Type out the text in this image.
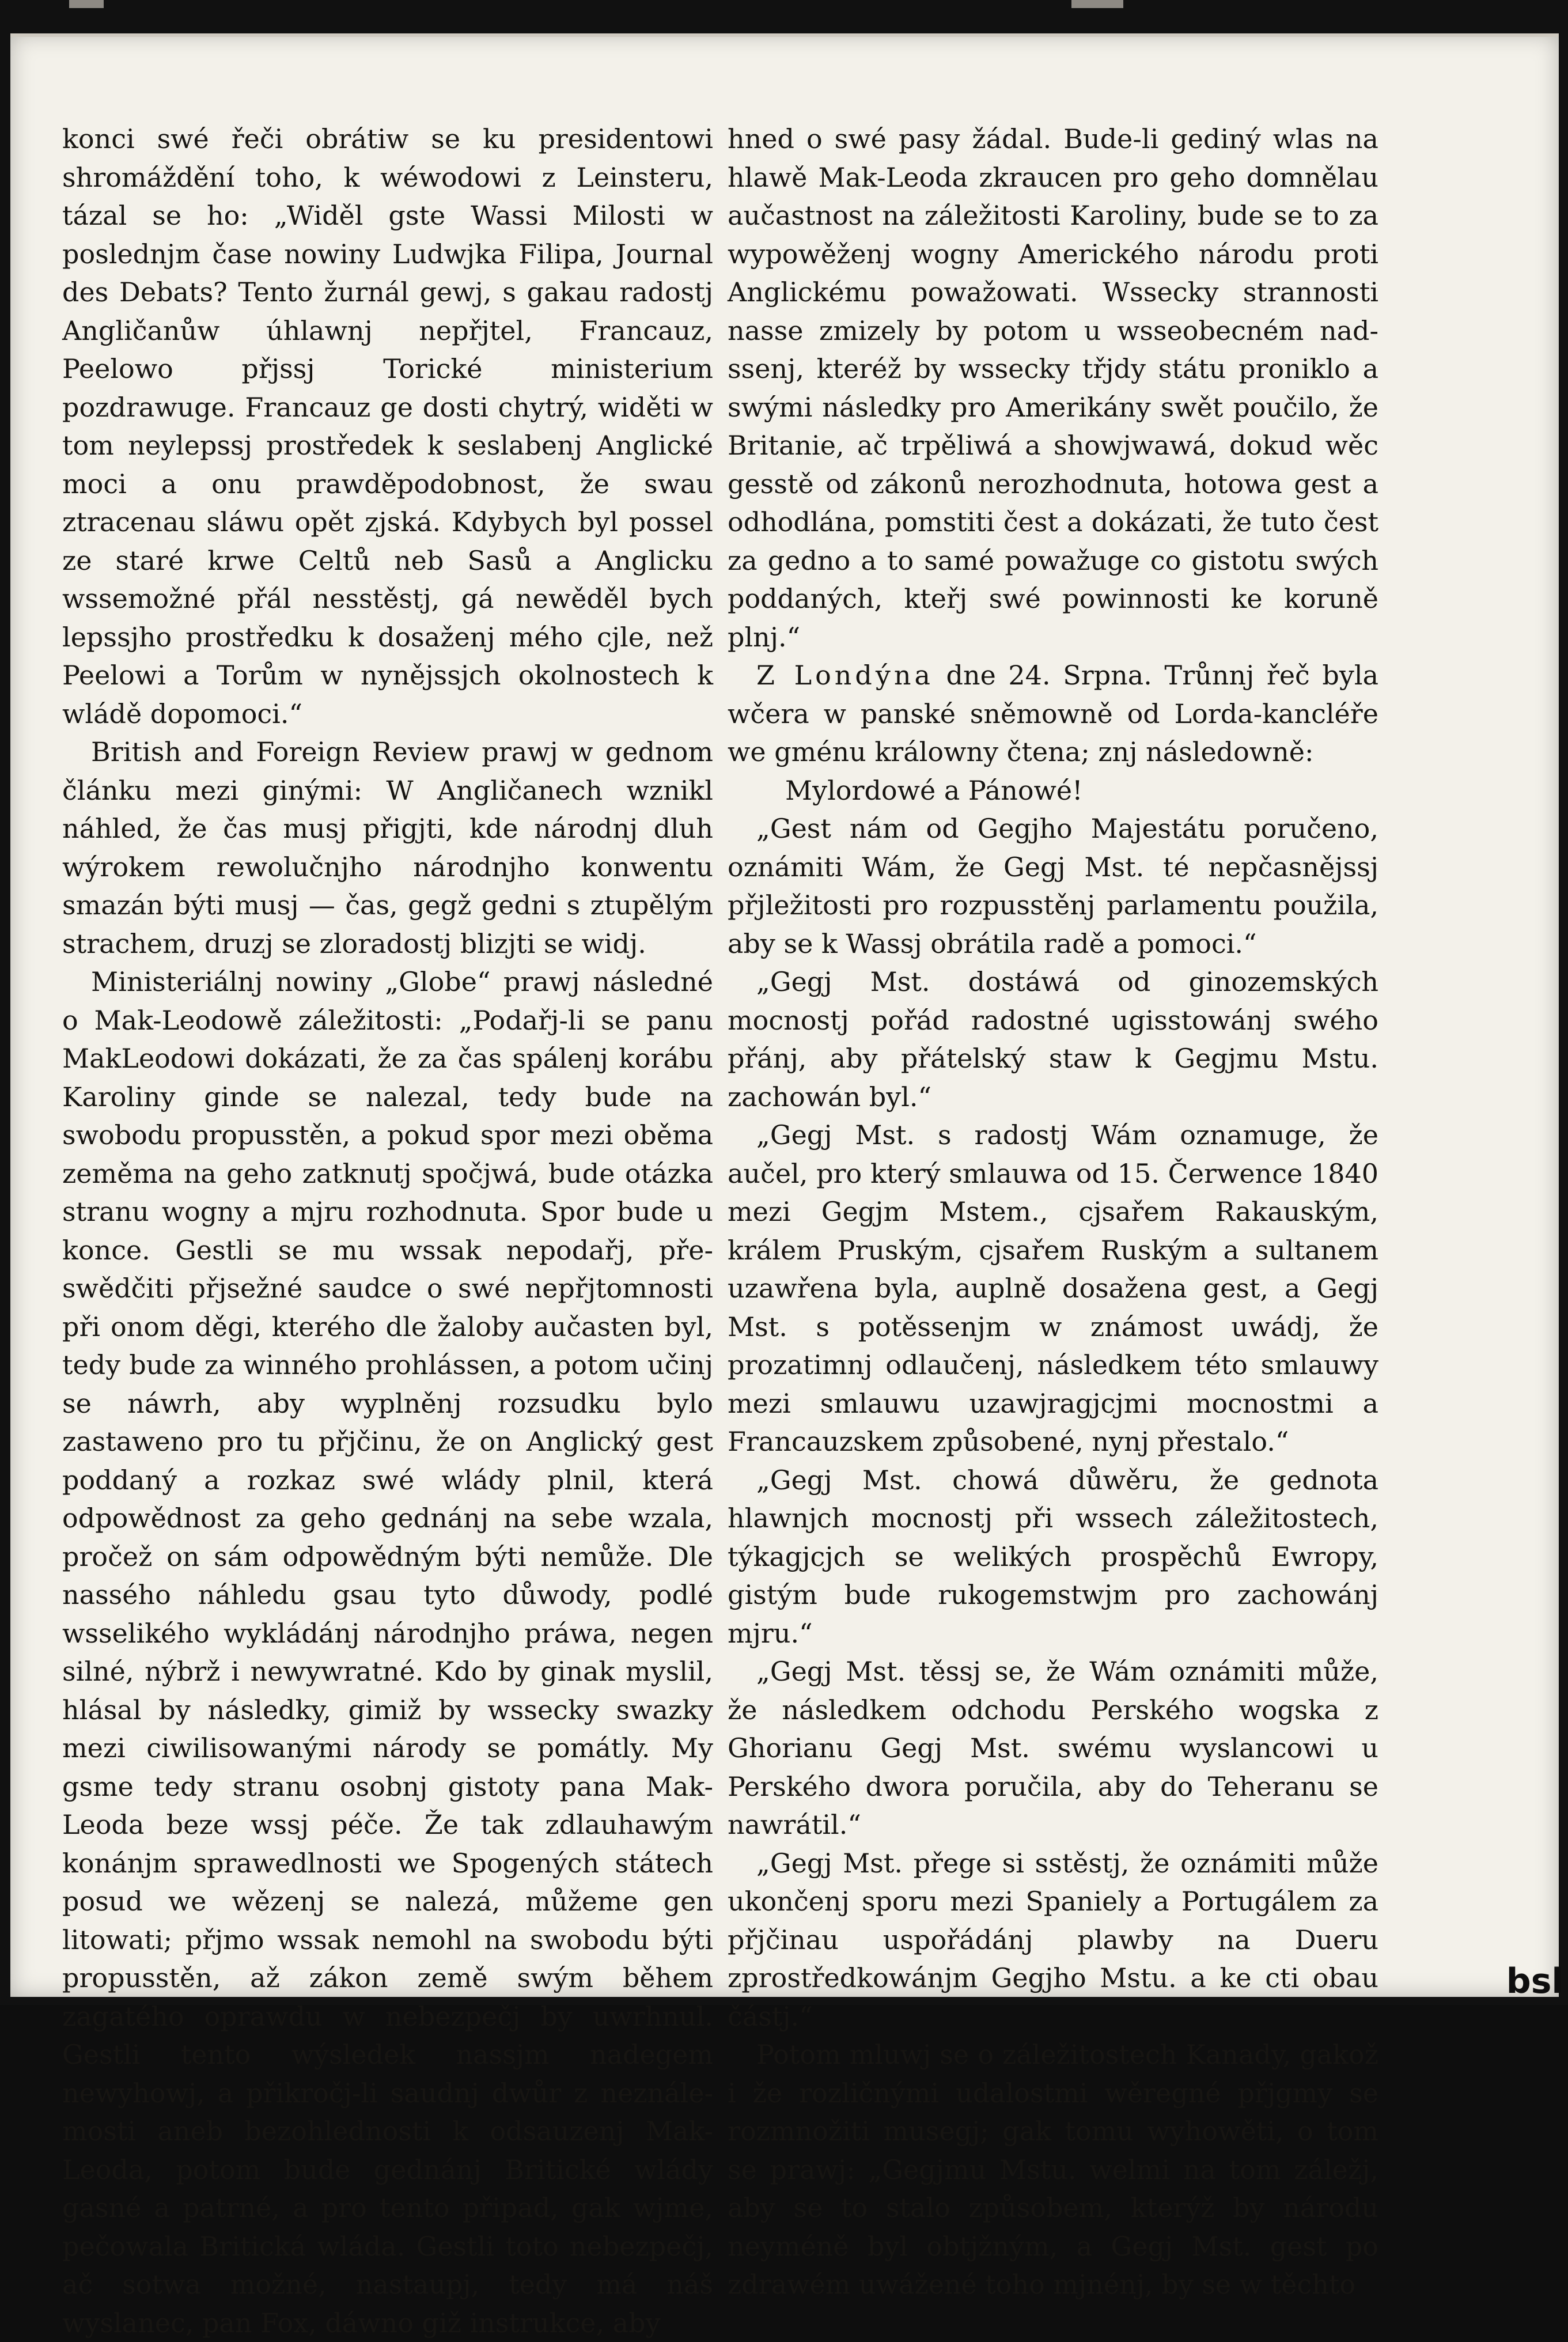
konci swé řeči obrátiw se ku presidentowi shromáždění toho, k wéwodowi z Leinsteru, tázal se ho: „Widěl gste Wassi Milosti w poslednjm čase nowiny Ludwjka Filipa, Journal des Debats? Tento žurnál gewj, s gakau radostj Angličanůw úhlawnj nepřjtel, Francauz, Peelowo přjssj Torické ministerium pozdrawuge. Francauz ge dosti chytrý, widěti w tom neylepssj prostředek k seslabenj Anglické moci a onu prawděpodobnost, že swau ztracenau sláwu opět zjská. Kdybych byl possel ze staré krwe Celtů neb Sasů a Anglicku wssemožné přál nesstěstj, gá newěděl bych lepssjho prostředku k dosaženj mého cjle, než Peelowi a Torům w nynějssjch okolnostech k wládě dopomoci.“

British and Foreign Review prawj w gednom článku mezi ginými: W Angličanech wznikl náhled, že čas musj přigjti, kde národnj dluh wýrokem rewolučnjho národnjho konwentu smazán býti musj — čas, gegž gedni s ztupělým strachem, druzj se zloradostj blizjti se widj.

Ministeriálnj nowiny „Globe“ prawj následné o Mak-Leodowě záležitosti: „Podařj-li se panu MakLeodowi dokázati, že za čas spálenj korábu Karoliny ginde se nalezal, tedy bude na swobodu propusstěn, a pokud spor mezi oběma zeměma na geho zatknutj spočjwá, bude otázka stranu wogny a mjru rozhodnuta. Spor bude u konce. Gestli se mu wssak nepodařj, přeswědčiti přjsežné saudce o swé nepřjtomnosti při onom děgi, kterého dle žaloby aučasten byl, tedy bude za winného prohlássen, a potom učinj se náwrh, aby wyplněnj rozsudku bylo zastaweno pro tu přjčinu, že on Anglický gest poddaný a rozkaz swé wlády plnil, která odpowědnost za geho gednánj na sebe wzala, pročež on sám odpowědným býti nemůže. Dle nassého náhledu gsau tyto důwody, podlé wsselikého wykládánj národnjho práwa, negen silné, nýbrž i newywratné. Kdo by ginak myslil, hlásal by následky, gimiž by wssecky swazky mezi ciwilisowanými národy se pomátly. My gsme tedy stranu osobnj gistoty pana Mak-Leoda beze wssj péče. Že tak zdlauhawým konánjm sprawedlnosti we Spogených státech posud we wězenj se nalezá, můžeme gen litowati; přjmo wssak nemohl na swobodu býti propusstěn, až zákon země swým během zagatého oprawdu w nebezpečj by uwrhnul. Gestli tento wýsledek nassjm nadegem newyhowj, a přikročj-li saudnj dwůr z neználemosti aneb bezohlednosti k odsauzenj Mak-Leoda, potom bude gednánj Britické wlády gasné a patrné, a pro tento připad, gak wjme, pečowala Britická wláda. Gestli toto nebezpečj, ač sotwa možné, nastaupj, tedy má náš wyslanec, pan Fox, dáwno giž instrukce, aby

hned o swé pasy žádal. Bude-li gediný wlas na hlawě Mak-Leoda zkraucen pro geho domnělau aučastnost na záležitosti Karoliny, bude se to za wypowěženj wogny Amerického národu proti Anglickému powažowati. Wssecky strannosti nasse zmizely by potom u wsseobecném nadssenj, kteréž by wssecky třjdy státu proniklo a swými následky pro Amerikány swět poučilo, že Britanie, ač trpěliwá a showjwawá, dokud wěc gesstě od zákonů nerozhodnuta, hotowa gest a odhodlána, pomstiti čest a dokázati, že tuto čest za gedno a to samé powažuge co gistotu swých poddaných, kteřj swé powinnosti ke koruně plnj.“

Z Londýna dne 24. Srpna. Trůnnj řeč byla wčera w panské sněmowně od Lorda-kancléře we gménu králowny čtena; znj následowně:

Mylordowé a Pánowé!

„Gest nám od Gegjho Majestátu poručeno, oznámiti Wám, že Gegj Mst. té nepčasnějssj přjležitosti pro rozpusstěnj parlamentu použila, aby se k Wassj obrátila radě a pomoci.“

„Gegj Mst. dostáwá od ginozemských mocnostj pořád radostné ugisstowánj swého přánj, aby přátelský staw k Gegjmu Mstu. zachowán byl.“

„Gegj Mst. s radostj Wám oznamuge, že aučel, pro který smlauwa od 15. Čerwence 1840 mezi Gegjm Mstem., cjsařem Rakauským, králem Pruským, cjsařem Ruským a sultanem uzawřena byla, auplně dosažena gest, a Gegj Mst. s potěssenjm w známost uwádj, že prozatimnj odlaučenj, následkem této smlauwy mezi smlauwu uzawjragjcjmi mocnostmi a Francauzskem způsobené, nynj přestalo.“

„Gegj Mst. chowá důwěru, že gednota hlawnjch mocnostj při wssech záležitostech, týkagjcjch se welikých prospěchů Ewropy, gistým bude rukogemstwjm pro zachowánj mjru.“

„Gegj Mst. těssj se, že Wám oznámiti může, že následkem odchodu Perského wogska z Ghorianu Gegj Mst. swému wyslancowi u Perského dwora poručila, aby do Teheranu se nawrátil.“

„Gegj Mst. přege si sstěstj, že oznámiti může ukončenj sporu mezi Spaniely a Portugálem za přjčinau uspořádánj plawby na Dueru zprostředkowánjm Gegjho Mstu. a ke cti obau částj.“

Potom mluwj se o záležitostech Kanady, gakož i že rozličnými udalostmi wěregné přjgmy se rozmnožiti musegj; gak tomu wyhowěti, o tom se prawj: „Gegjmu Mstu. welmi na tom záležj, aby se to stalo způsobem, kterýž by národu neyméně byl obtjžným, a Gegj Mst. gest po zdrawém uwážené toho mjnénj, by se w těchto

bsl
